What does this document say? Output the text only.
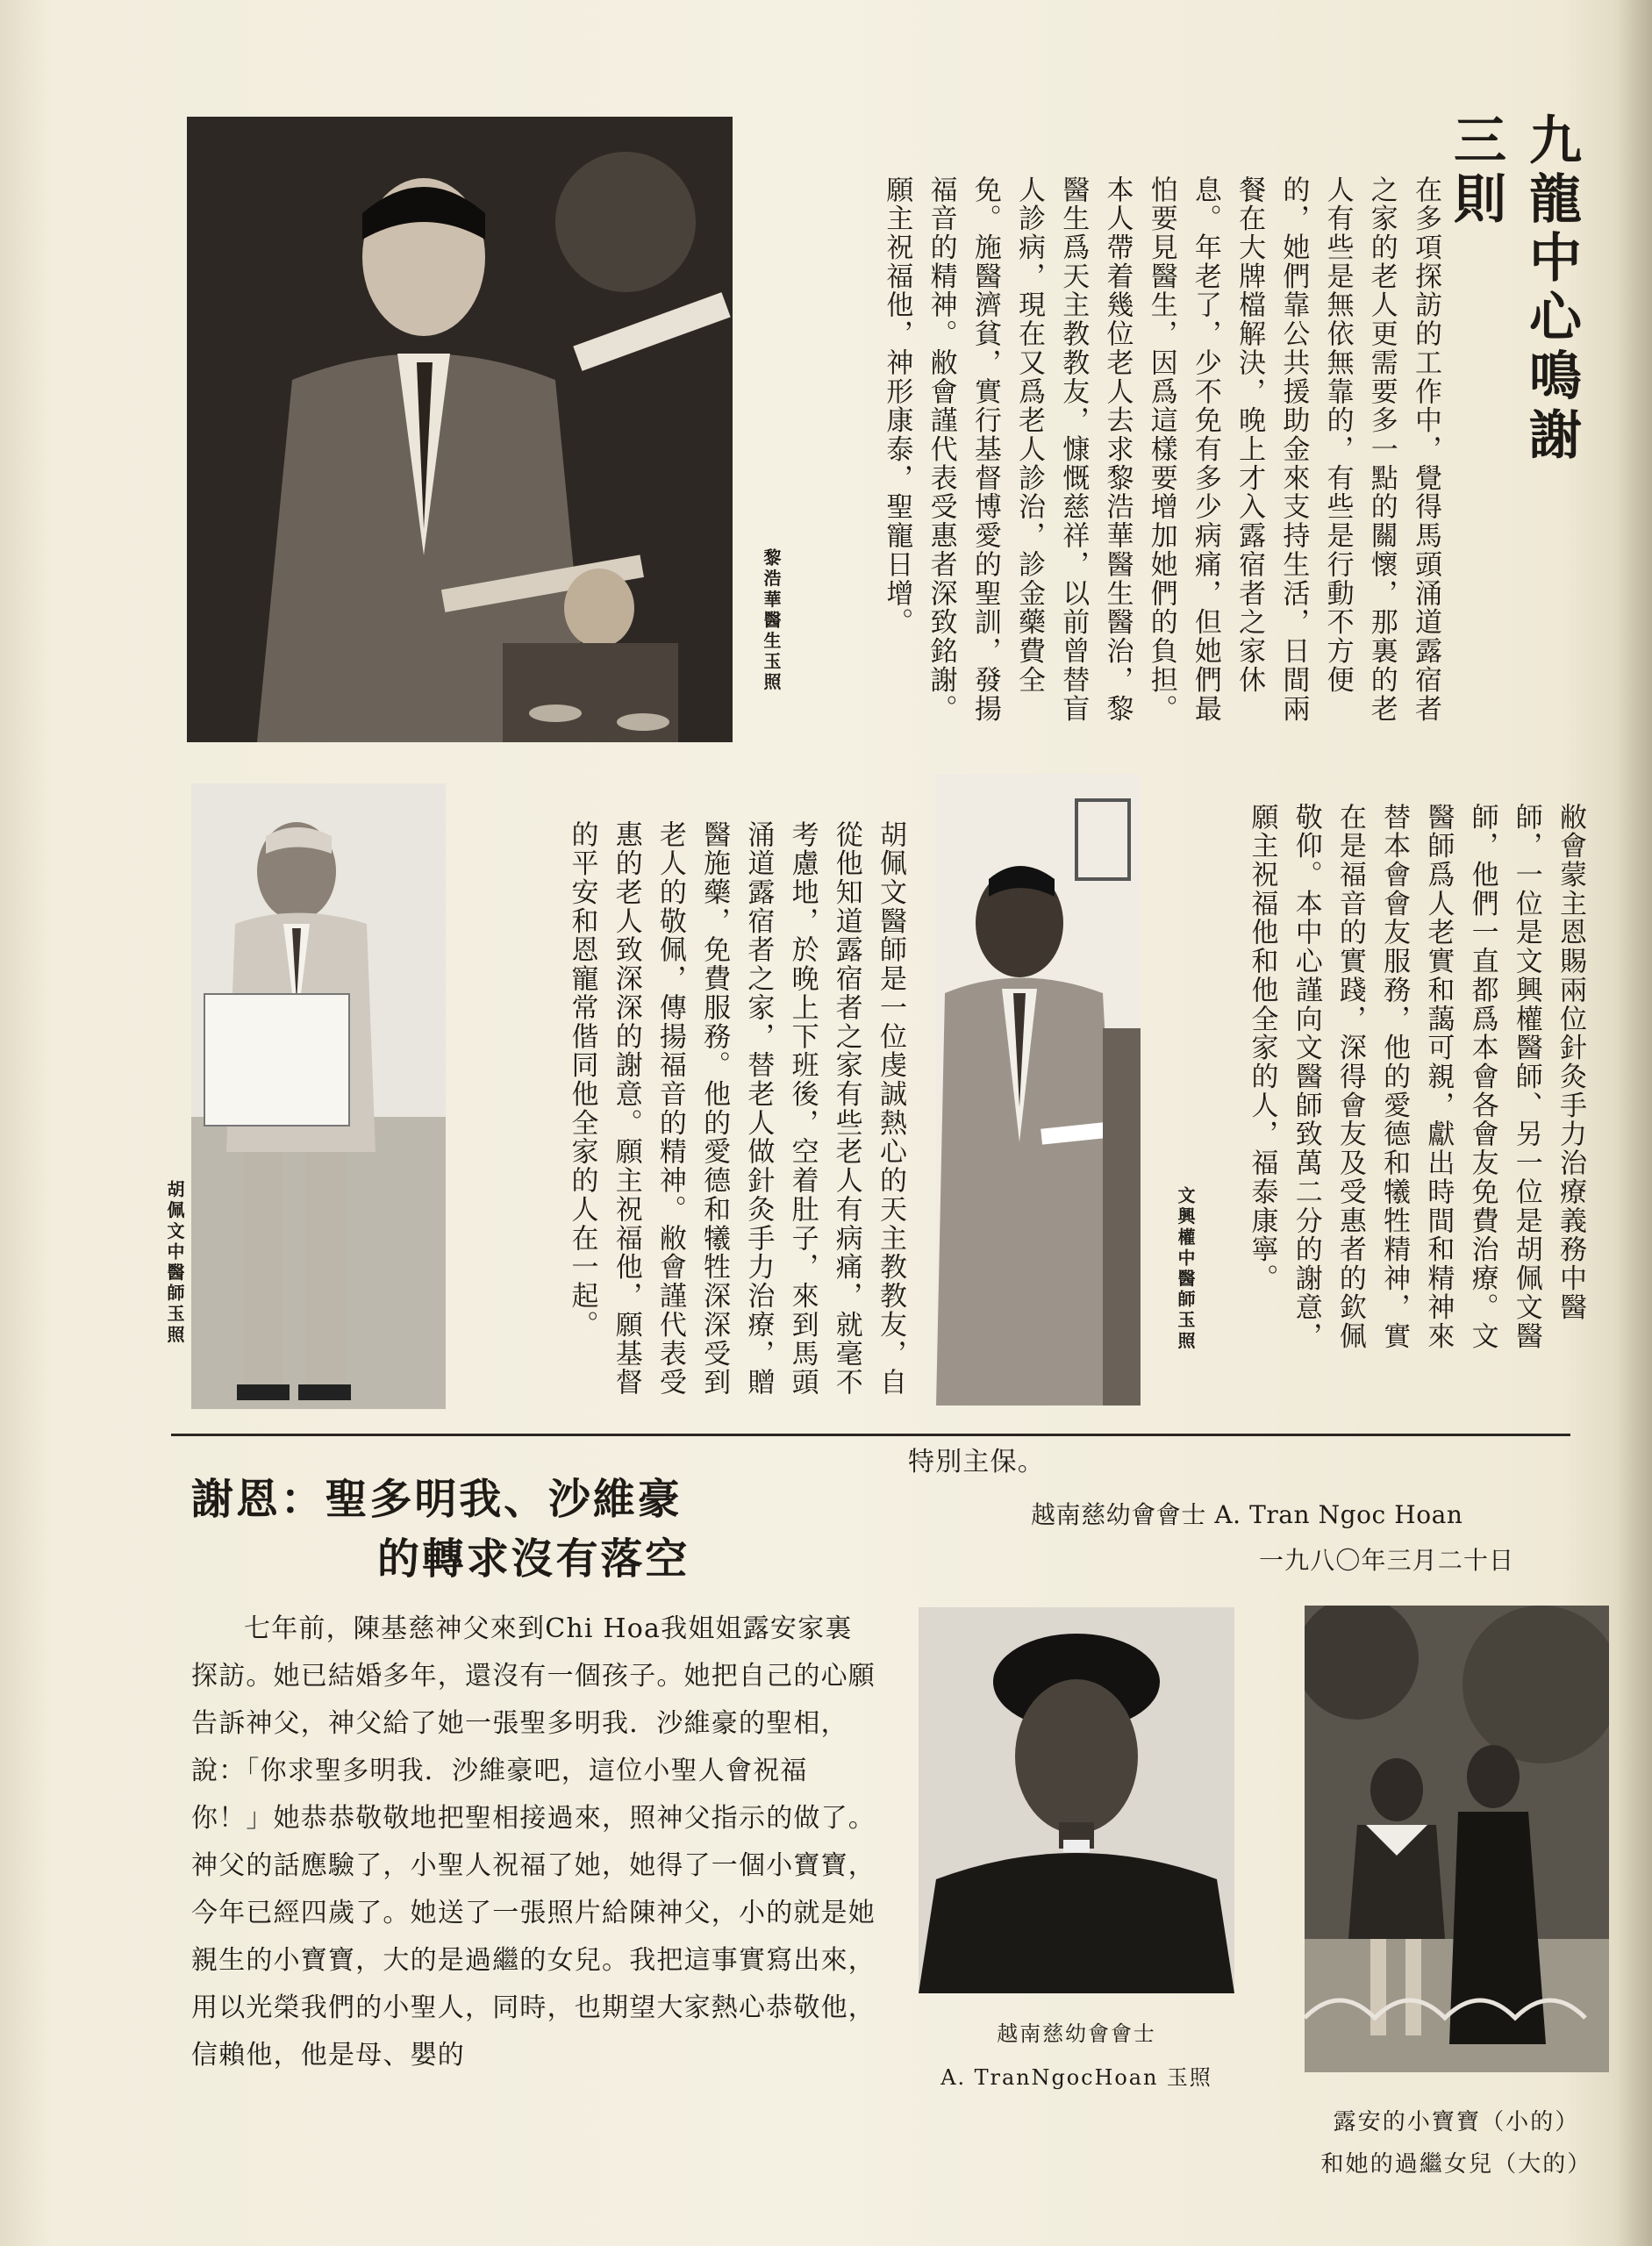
九龍中心鳴謝三則
在多項探訪的工作中，覺得馬頭涌道露宿者之家的老人更需要多一點的關懷，那裏的老人有些是無依無靠的，有些是行動不方便的，她們靠公共援助金來支持生活，日間兩餐在大牌檔解決，晚上才入露宿者之家休息。年老了，少不免有多少病痛，但她們最怕要見醫生，因爲這樣要增加她們的負担。本人帶着幾位老人去求黎浩華醫生醫治，黎醫生爲天主教教友，慷慨慈祥，以前曾替盲人診病，現在又爲老人診治，診金藥費全免。施醫濟貧，實行基督博愛的聖訓，發揚福音的精神。敝會謹代表受惠者深致銘謝。願主祝福他，神形康泰，聖寵日增。
黎浩華醫生玉照
敝會蒙主恩賜兩位針灸手力治療義務中醫師，一位是文興權醫師、另一位是胡佩文醫師，他們一直都爲本會各會友免費治療。文醫師爲人老實和藹可親，獻出時間和精神來替本會會友服務，他的愛德和犧牲精神，實在是福音的實踐，深得會友及受惠者的欽佩敬仰。本中心謹向文醫師致萬二分的謝意，願主祝福他和他全家的人，福泰康寧。
文興權中醫師玉照
胡佩文醫師是一位虔誠熱心的天主教教友，自從他知道露宿者之家有些老人有病痛，就毫不考慮地，於晚上下班後，空着肚子，來到馬頭涌道露宿者之家，替老人做針灸手力治療，贈醫施藥，免費服務。他的愛德和犧牲深深受到老人的敬佩，傳揚福音的精神。敝會謹代表受惠的老人致深深的謝意。願主祝福他，願基督的平安和恩寵常偕同他全家的人在一起。
胡佩文中醫師玉照
謝恩：聖多明我、沙維豪
的轉求沒有落空

七年前，陳基慈神父來到Chi Hoa我姐姐露安家裏探訪。她已結婚多年，還沒有一個孩子。她把自己的心願告訴神父，神父給了她一張聖多明我．沙維豪的聖相，說：「你求聖多明我．沙維豪吧，這位小聖人會祝福你！」她恭恭敬敬地把聖相接過來，照神父指示的做了。神父的話應驗了，小聖人祝福了她，她得了一個小寶寶，今年已經四歲了。她送了一張照片給陳神父，小的就是她親生的小寶寶，大的是過繼的女兒。我把這事實寫出來，用以光榮我們的小聖人，同時，也期望大家熱心恭敬他，信賴他，他是母、嬰的

特別主保。
越南慈幼會會士 A. Tran Ngoc Hoan
一九八〇年三月二十日
越南慈幼會會士
A. TranNgocHoan 玉照
露安的小寶寶（小的）
和她的過繼女兒（大的）
